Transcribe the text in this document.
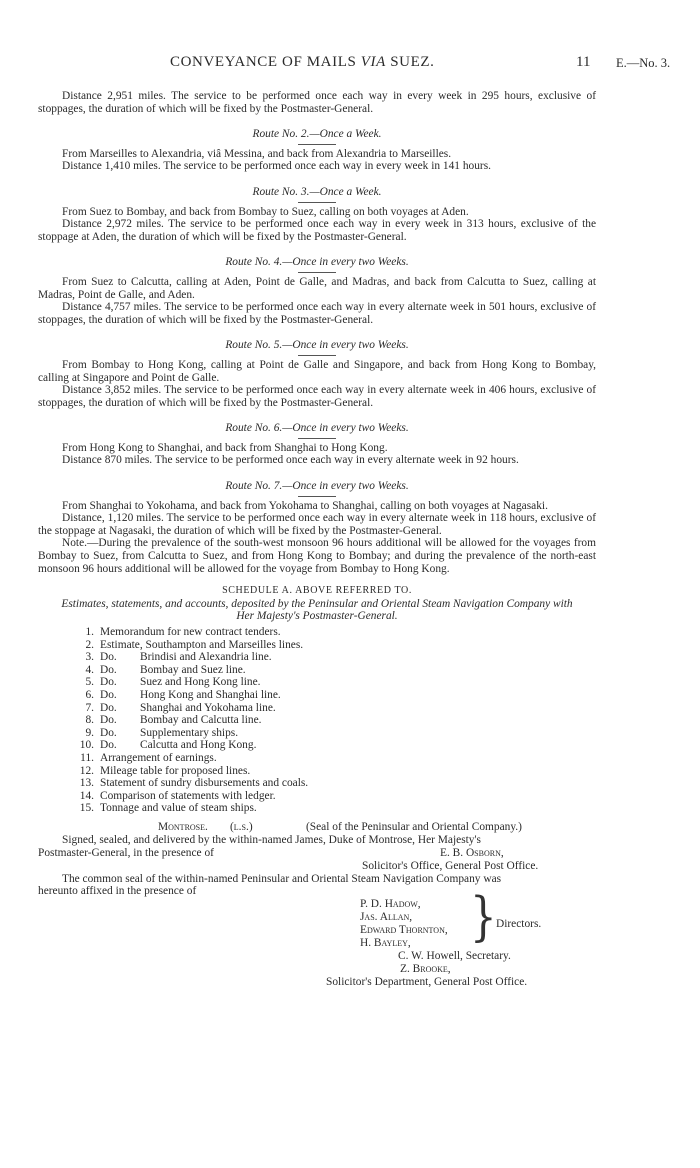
CONVEYANCE OF MAILS VIA SUEZ.	11 E.—No. 3.

Distance 2,951 miles. The service to be performed once each way in every week in 295 hours, exclusive of stoppages, the duration of which will be fixed by the Postmaster-General.

Route No. 2.—Once a Week.

From Marseilles to Alexandria, viâ Messina, and back from Alexandria to Marseilles.

Distance 1,410 miles. The service to be performed once each way in every week in 141 hours.

Route No. 3.—Once a Week.

From Suez to Bombay, and back from Bombay to Suez, calling on both voyages at Aden.

Distance 2,972 miles. The service to be performed once each way in every week in 313 hours, exclusive of the stoppage at Aden, the duration of which will be fixed by the Postmaster-General.

Route No. 4.—Once in every two Weeks.

From Suez to Calcutta, calling at Aden, Point de Galle, and Madras, and back from Calcutta to Suez, calling at Madras, Point de Galle, and Aden.

Distance 4,757 miles. The service to be performed once each way in every alternate week in 501 hours, exclusive of stoppages, the duration of which will be fixed by the Postmaster-General.

Route No. 5.—Once in every two Weeks.

From Bombay to Hong Kong, calling at Point de Galle and Singapore, and back from Hong Kong to Bombay, calling at Singapore and Point de Galle.

Distance 3,852 miles. The service to be performed once each way in every alternate week in 406 hours, exclusive of stoppages, the duration of which will be fixed by the Postmaster-General.

Route No. 6.—Once in every two Weeks.

From Hong Kong to Shanghai, and back from Shanghai to Hong Kong.

Distance 870 miles. The service to be performed once each way in every alternate week in 92 hours.

Route No. 7.—Once in every two Weeks.

From Shanghai to Yokohama, and back from Yokohama to Shanghai, calling on both voyages at Nagasaki.

Distance, 1,120 miles. The service to be performed once each way in every alternate week in 118 hours, exclusive of the stoppage at Nagasaki, the duration of which will be fixed by the Postmaster-General.

Note.—During the prevalence of the south-west monsoon 96 hours additional will be allowed for the voyages from Bombay to Suez, from Calcutta to Suez, and from Hong Kong to Bombay; and during the prevalence of the north-east monsoon 96 hours additional will be allowed for the voyage from Bombay to Hong Kong.

SCHEDULE A. ABOVE REFERRED TO.
Estimates, statements, and accounts, deposited by the Peninsular and Oriental Steam Navigation Company with Her Majesty's Postmaster-General.
1. Memorandum for new contract tenders.
2. Estimate, Southampton and Marseilles lines.
3. Do.	Brindisi and Alexandria line.
4. Do.	Bombay and Suez line.
5. Do.	Suez and Hong Kong line.
6. Do.	Hong Kong and Shanghai line.
7. Do.	Shanghai and Yokohama line.
8. Do.	Bombay and Calcutta line.
9. Do.	Supplementary ships.
10. Do.	Calcutta and Hong Kong.
11. Arrangement of earnings.
12. Mileage table for proposed lines.
13. Statement of sundry disbursements and coals.
14. Comparison of statements with ledger.
15. Tonnage and value of steam ships.
Montrose. (l.s.)	(Seal of the Peninsular and Oriental Company.)

Signed, sealed, and delivered by the within-named James, Duke of Montrose, Her Majesty's

Postmaster-General, in the presence of	E. B. Osborn,
Solicitor's Office, General Post Office.

The common seal of the within-named Peninsular and Oriental Steam Navigation Company was

hereunto affixed in the presence of
P. D. Hadow,
Jas. Allan,
Edward Thornton,
H. Bayley, } Directors.
C. W. Howell, Secretary.
Z. Brooke,
Solicitor's Department, General Post Office.
